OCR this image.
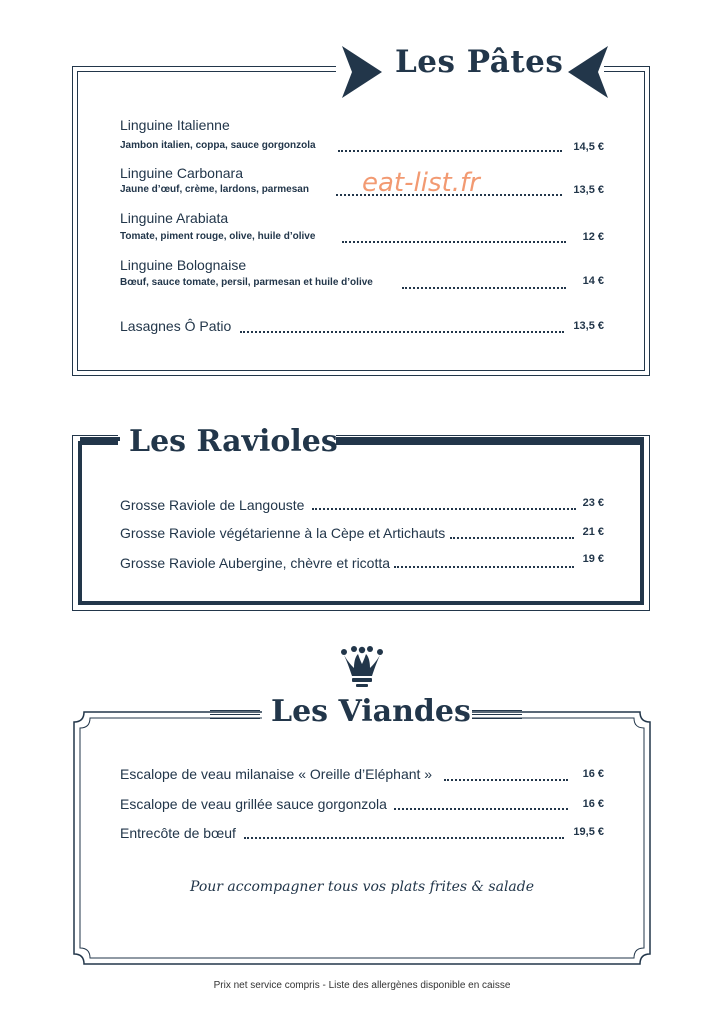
Les Pâtes
Linguine Italienne
Jambon italien, coppa, sauce gorgonzola	14,5 €
Linguine Carbonara
Jaune d’œuf, crème, lardons, parmesan	13,5 €
Linguine Arabiata
Tomate, piment rouge, olive, huile d’olive	12 €
Linguine Bolognaise
Bœuf, sauce tomate, persil, parmesan et huile d’olive	14 €
Lasagnes Ô Patio	13,5 €
eat-list.fr
Les Ravioles
Grosse Raviole de Langouste	23 €
Grosse Raviole végétarienne à la Cèpe et Artichauts	21 €
Grosse Raviole Aubergine, chèvre et ricotta	19 €
Les Viandes
Escalope de veau milanaise « Oreille d’Eléphant »	16 €
Escalope de veau grillée sauce gorgonzola	16 €
Entrecôte de bœuf	19,5 €
Pour accompagner tous vos plats frites & salade
Prix net service compris - Liste des allergènes disponible en caisse
